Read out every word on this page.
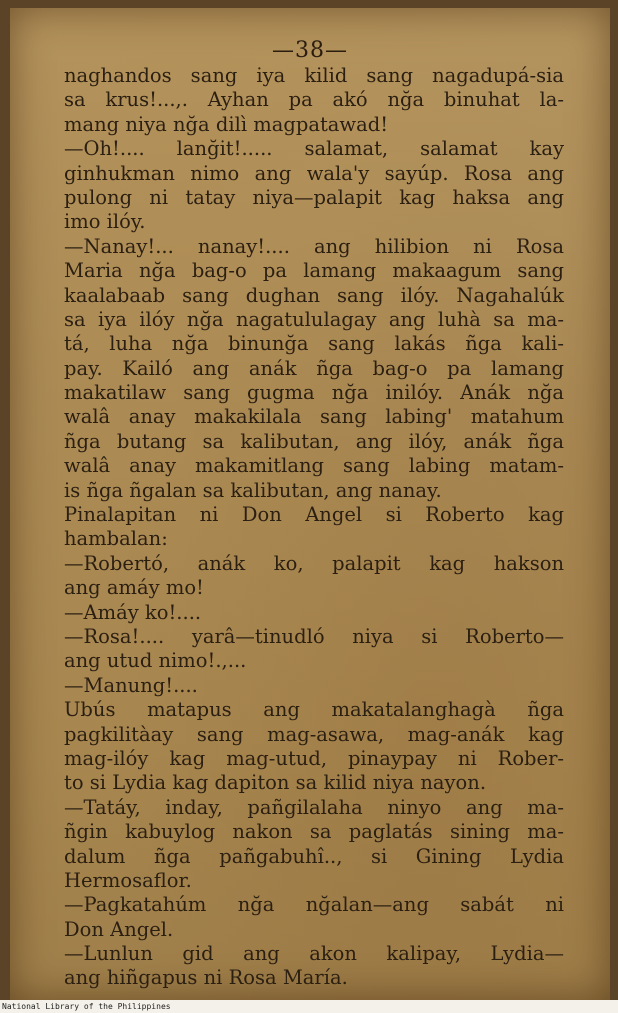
—38—
naghandos sang iya kilid sang nagadupá-sia
sa krus!...,. Ayhan pa akó nğa binuhat la-
mang niya nğa dilì magpatawad!
—Oh!.... lanğit!..... salamat, salamat kay
ginhukman nimo ang wala'y sayúp. Rosa ang
pulong ni tatay niya—palapit kag haksa ang
imo ilóy.
—Nanay!... nanay!.... ang hilibion ni Rosa
Maria nğa bag-o pa lamang makaagum sang
kaalabaab sang dughan sang ilóy. Nagahalúk
sa iya ilóy nğa nagatululagay ang luhà sa ma-
tá, luha nğa binunğa sang lakás ñga kali-
pay. Kailó ang anák ñga bag-o pa lamang
makatilaw sang gugma nğa inilóy. Anák nğa
walâ anay makakilala sang labing' matahum
ñga butang sa kalibutan, ang ilóy, anák ñga
walâ anay makamitlang sang labing matam-
is ñga ñgalan sa kalibutan, ang nanay.
Pinalapitan ni Don Angel si Roberto kag
hambalan:
—Robertó, anák ko, palapit kag hakson
ang amáy mo!
—Amáy ko!....
—Rosa!.... yarâ—tinudló niya si Roberto—
ang utud nimo!.,...
—Manung!....
Ubús matapus ang makatalanghagà ñga
pagkilitàay sang mag-asawa, mag-anák kag
mag-ilóy kag mag-utud, pinaypay ni Rober-
to si Lydia kag dapiton sa kilid niya nayon.
—Tatáy, inday, pañgilalaha ninyo ang ma-
ñgin kabuylog nakon sa paglatás sining ma-
dalum ñga pañgabuhî.., si Gining Lydia
Hermosaflor.
—Pagkatahúm nğa nğalan—ang sabát ni
Don Angel.
—Lunlun gid ang akon kalipay, Lydia—
ang hiñgapus ni Rosa María.
National Library of the Philippines
